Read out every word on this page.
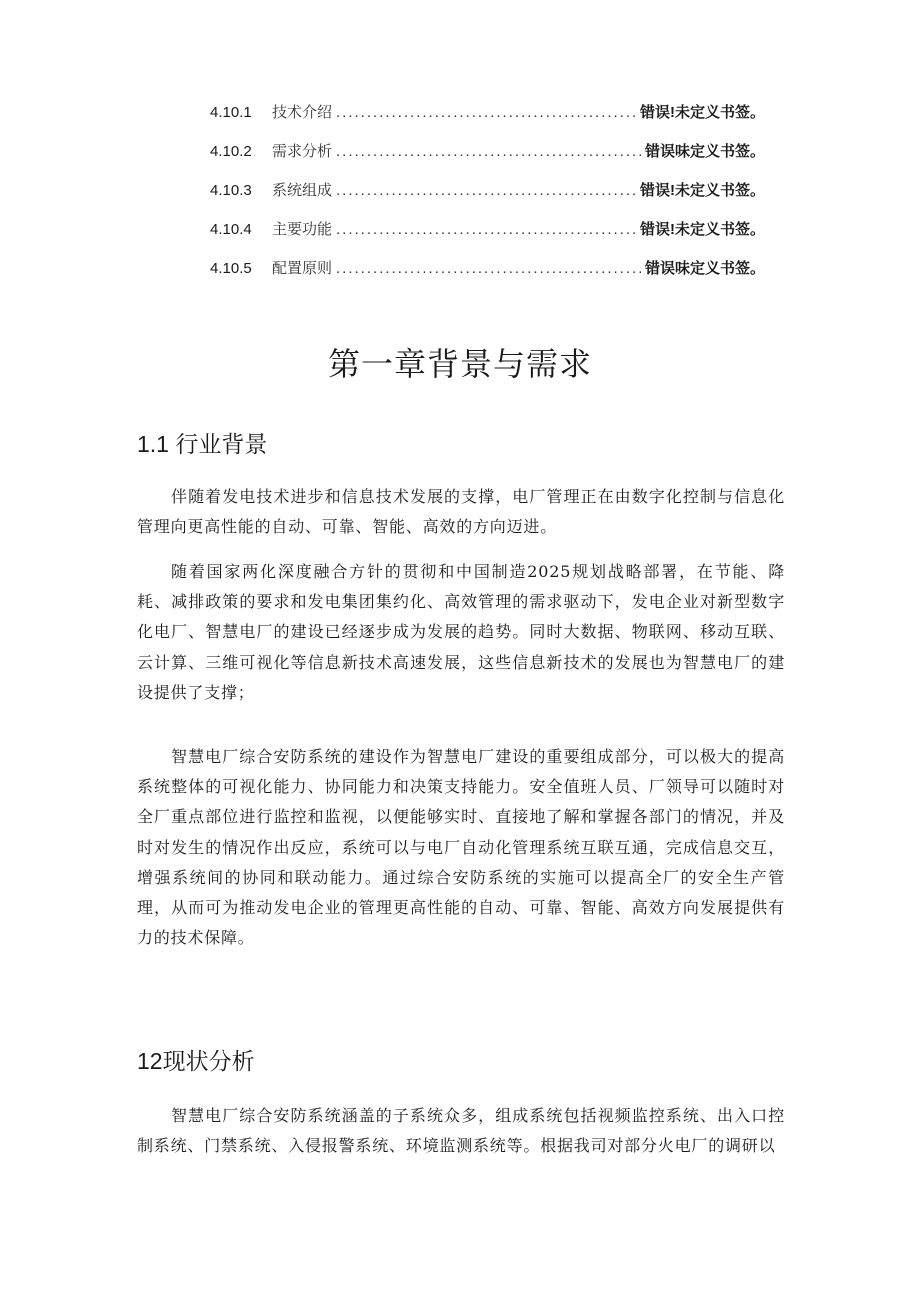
4.10.1	技术介绍 .....	错误!未定义书签。
4.10.2	需求分析 .....	错误味定义书签。
4.10.3	系统组成 .....	错误!未定义书签。
4.10.4	主要功能 .....	错误!未定义书签。
4.10.5	配置原则 .....	错误味定义书签。
第一章背景与需求
1.1 行业背景

伴随着发电技术进步和信息技术发展的支撑，电厂管理正在由数字化控制与信息化管理向更高性能的自动、可靠、智能、高效的方向迈进。

随着国家两化深度融合方针的贯彻和中国制造2025规划战略部署，在节能、降耗、减排政策的要求和发电集团集约化、高效管理的需求驱动下，发电企业对新型数字化电厂、智慧电厂的建设已经逐步成为发展的趋势。同时大数据、物联网、移动互联、云计算、三维可视化等信息新技术高速发展，这些信息新技术的发展也为智慧电厂的建设提供了支撑；

智慧电厂综合安防系统的建设作为智慧电厂建设的重要组成部分，可以极大的提高系统整体的可视化能力、协同能力和决策支持能力。安全值班人员、厂领导可以随时对全厂重点部位进行监控和监视，以便能够实时、直接地了解和掌握各部门的情况，并及时对发生的情况作出反应，系统可以与电厂自动化管理系统互联互通，完成信息交互，增强系统间的协同和联动能力。通过综合安防系统的实施可以提高全厂的安全生产管理，从而可为推动发电企业的管理更高性能的自动、可靠、智能、高效方向发展提供有力的技术保障。

12现状分析

智慧电厂综合安防系统涵盖的子系统众多，组成系统包括视频监控系统、出入口控制系统、门禁系统、入侵报警系统、环境监测系统等。根据我司对部分火电厂的调研以
